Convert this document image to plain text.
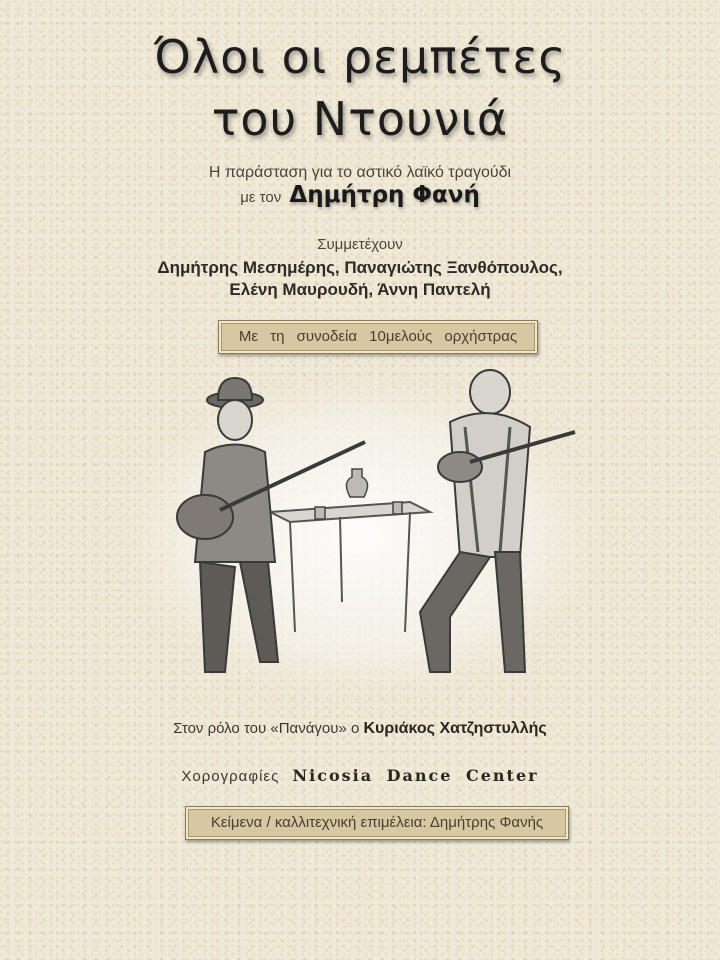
Όλοι οι ρεμπέτες
του Ντουνιά
Η παράσταση για το αστικό λαϊκό τραγούδι
με τον Δημήτρη Φανή
Συμμετέχουν
Δημήτρης Μεσημέρης, Παναγιώτης Ξανθόπουλος,
Ελένη Μαυρουδή, Άννη Παντελή
Με τη συνοδεία 10μελούς ορχήστρας
Στον ρόλο του «Πανάγου» ο Κυριάκος Χατζηστυλλής
Χορογραφίες Nicosia Dance Center
Κείμενα / καλλιτεχνική επιμέλεια: Δημήτρης Φανής
